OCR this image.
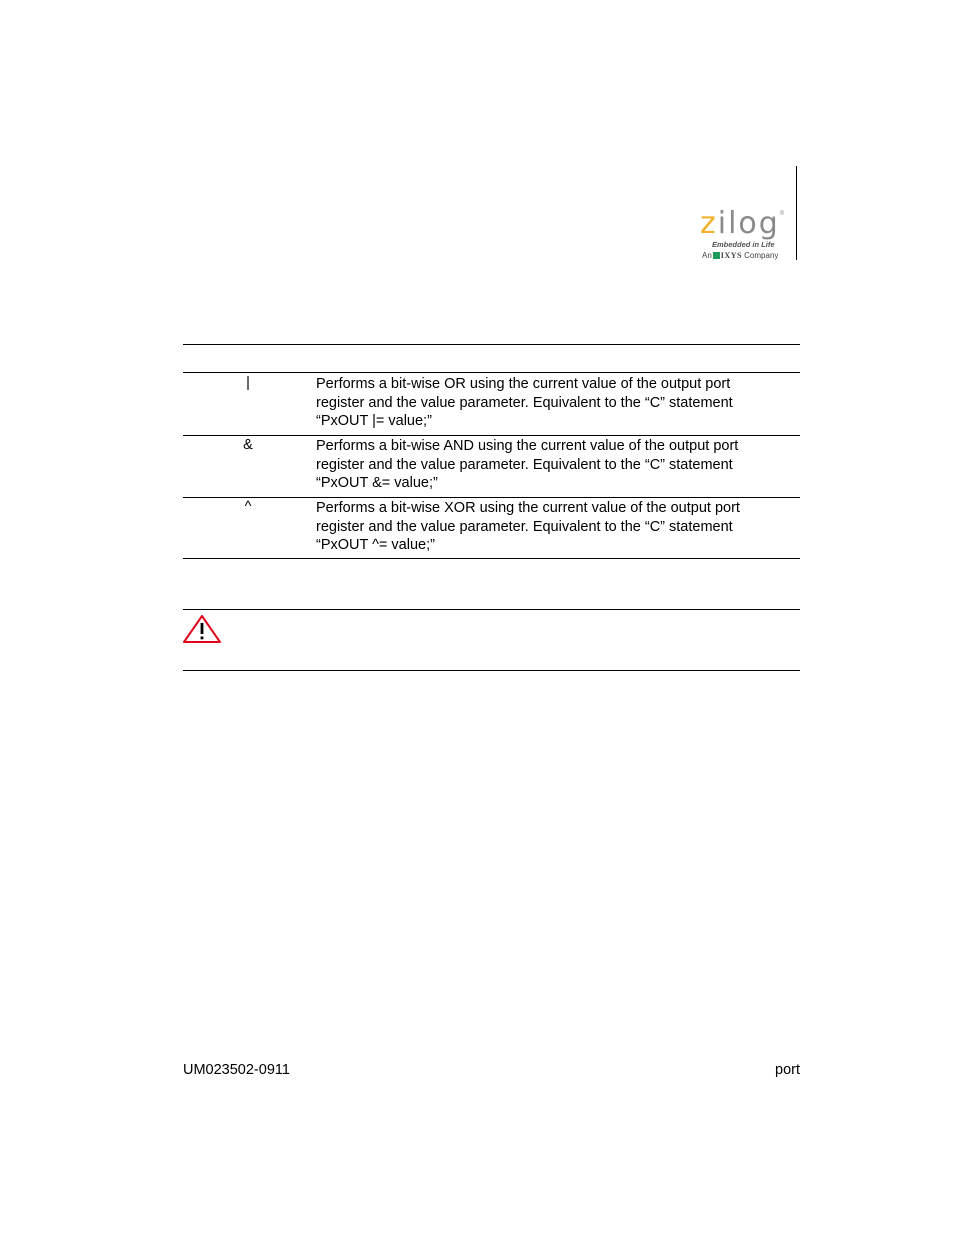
zilog ®
Embedded in Life
An IXYS Company
|	Performs a bit-wise OR using the current value of the output port
register and the value parameter. Equivalent to the “C” statement
“PxOUT |= value;”
&	Performs a bit-wise AND using the current value of the output port
register and the value parameter. Equivalent to the “C” statement
“PxOUT &= value;”
^	Performs a bit-wise XOR using the current value of the output port
register and the value parameter. Equivalent to the “C” statement
“PxOUT ^= value;”
UM023502-0911	port
